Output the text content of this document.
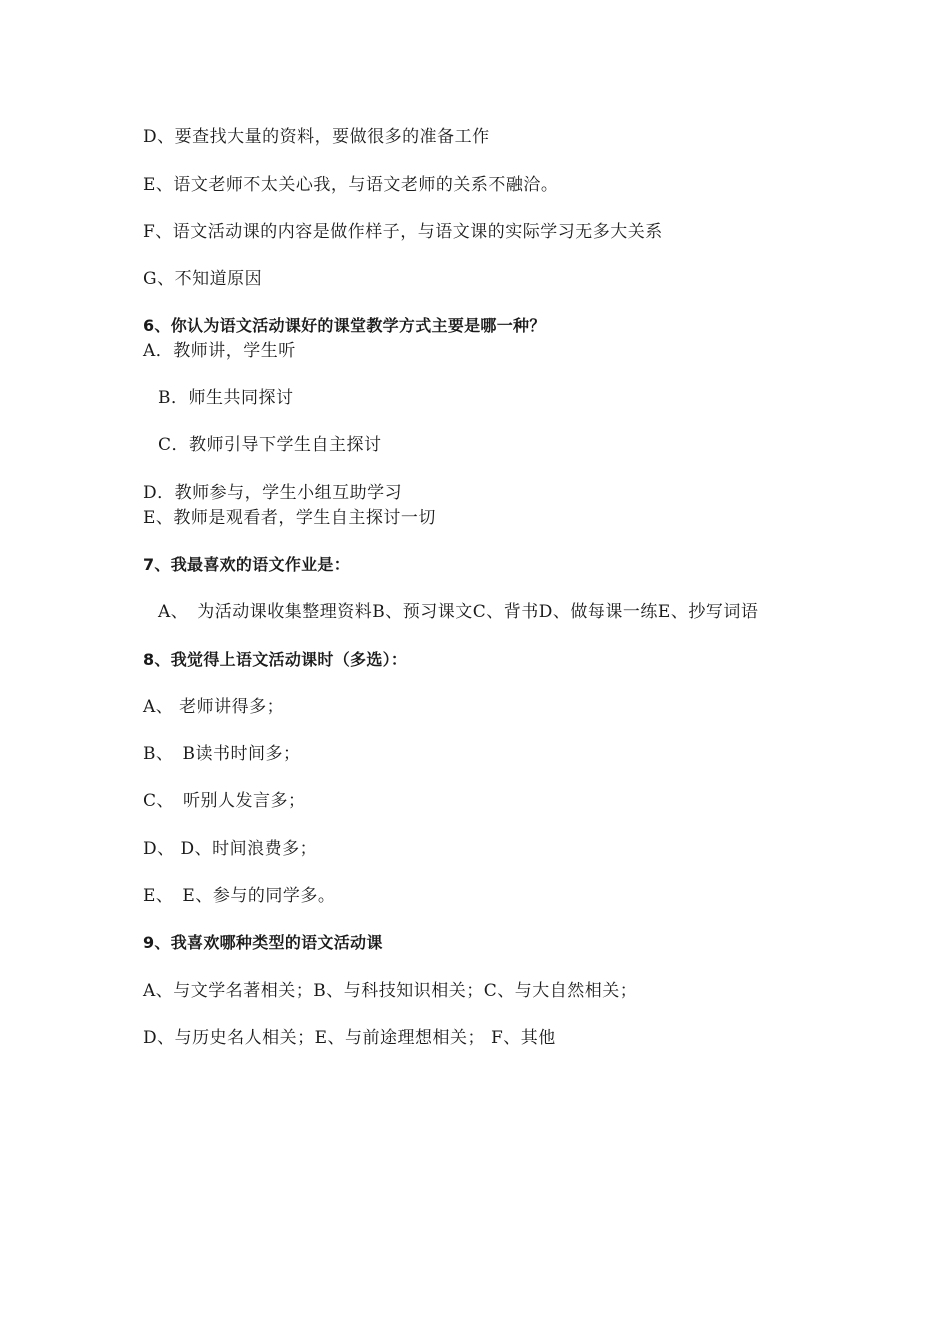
D、要查找大量的资料，要做很多的准备工作
E、语文老师不太关心我，与语文老师的关系不融洽。
F、语文活动课的内容是做作样子，与语文课的实际学习无多大关系
G、不知道原因
6、你认为语文活动课好的课堂教学方式主要是哪一种？
A．教师讲，学生听
B．师生共同探讨
C．教师引导下学生自主探讨
D．教师参与，学生小组互助学习
E、教师是观看者，学生自主探讨一切
7、我最喜欢的语文作业是：
A、　为活动课收集整理资料B、预习课文C、背书D、做每课一练E、抄写词语
8、我觉得上语文活动课时（多选）：
A、 老师讲得多；
B、　B读书时间多；
C、　听别人发言多；
D、 D、时间浪费多；
E、　E、参与的同学多。
9、我喜欢哪种类型的语文活动课
A、与文学名著相关；B、与科技知识相关；C、与大自然相关；
D、与历史名人相关；E、与前途理想相关； F、其他
